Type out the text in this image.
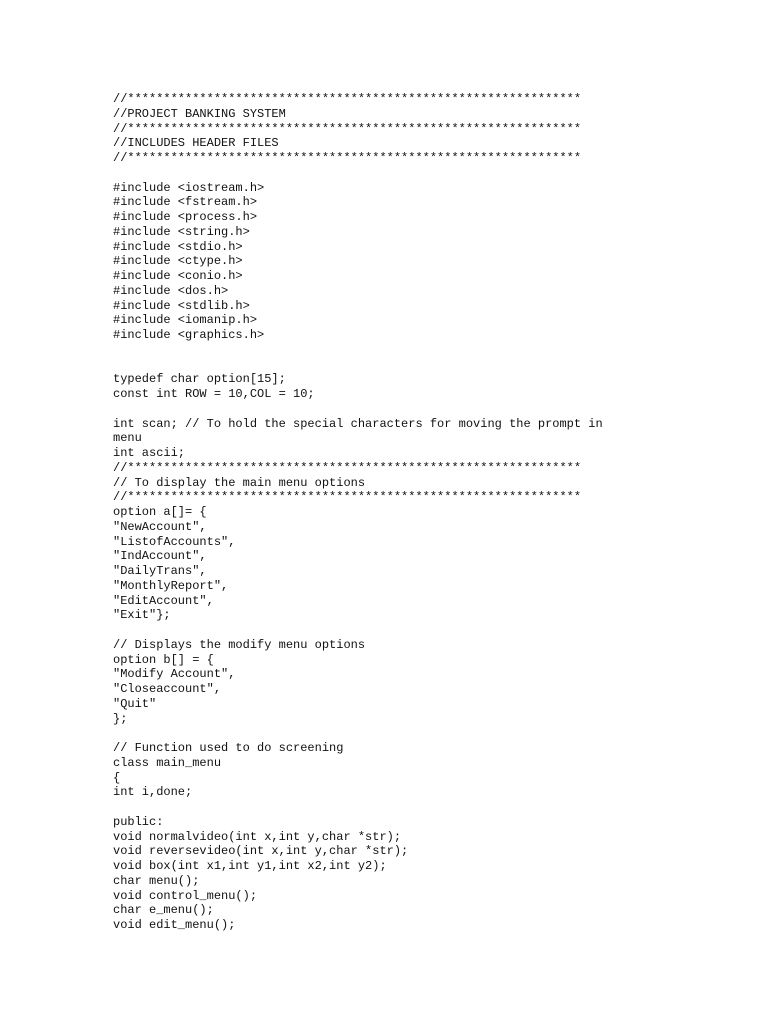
//***************************************************************
//PROJECT BANKING SYSTEM
//***************************************************************
//INCLUDES HEADER FILES
//***************************************************************
#include <iostream.h>
#include <fstream.h>
#include <process.h>
#include <string.h>
#include <stdio.h>
#include <ctype.h>
#include <conio.h>
#include <dos.h>
#include <stdlib.h>
#include <iomanip.h>
#include <graphics.h>
typedef char option[15];
const int ROW = 10,COL = 10;
int scan; // To hold the special characters for moving the prompt in
menu
int ascii;
//***************************************************************
// To display the main menu options
//***************************************************************
option a[]= {
"NewAccount",
"ListofAccounts",
"IndAccount",
"DailyTrans",
"MonthlyReport",
"EditAccount",
"Exit"};
// Displays the modify menu options
option b[] = {
"Modify Account",
"Closeaccount",
"Quit"
};
// Function used to do screening
class main_menu
{
int i,done;
public:
void normalvideo(int x,int y,char *str);
void reversevideo(int x,int y,char *str);
void box(int x1,int y1,int x2,int y2);
char menu();
void control_menu();
char e_menu();
void edit_menu();
